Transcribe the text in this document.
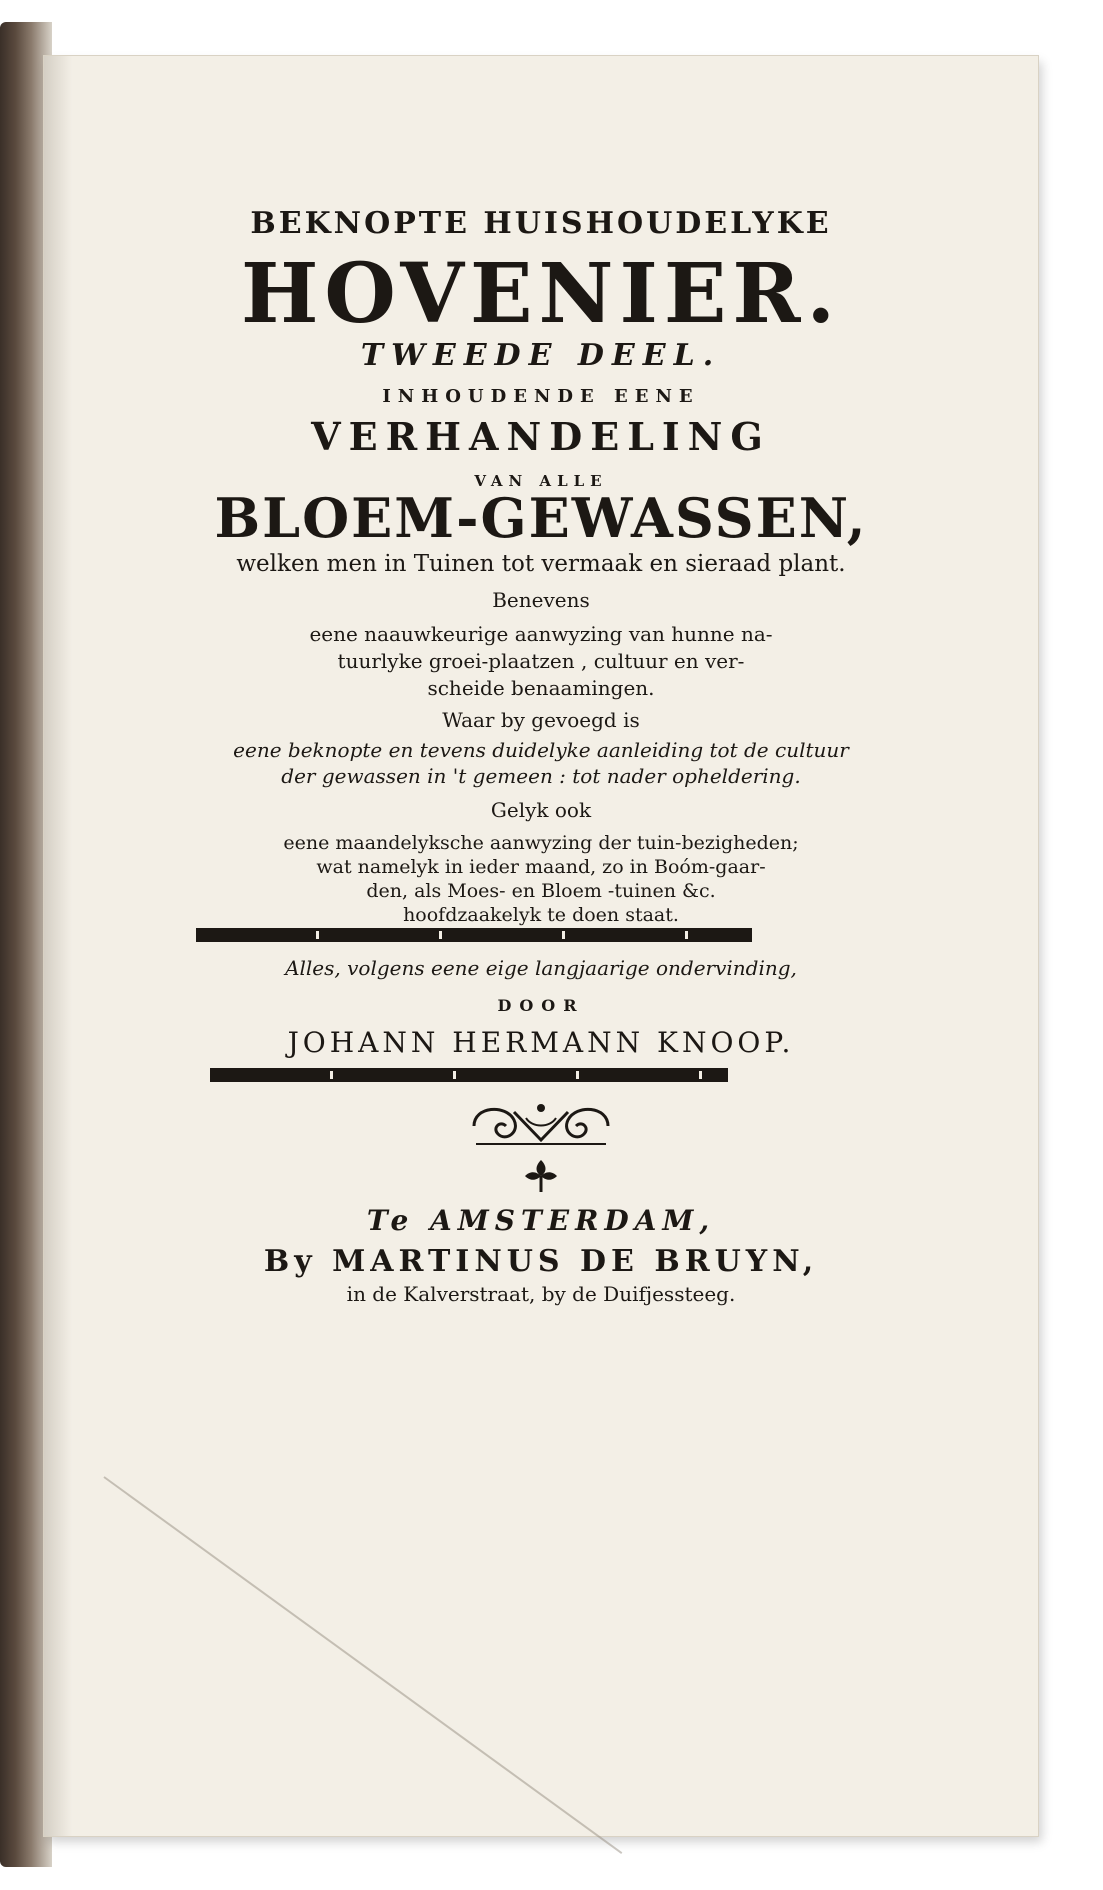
BEKNOPTE HUISHOUDELYKE
HOVENIER.
TWEEDE DEEL.
INHOUDENDE EENE
VERHANDELING
VAN ALLE
BLOEM-GEWASSEN,
welken men in Tuinen tot vermaak en sieraad plant.
Benevens
eene naauwkeurige aanwyzing van hunne na-
tuurlyke groei-plaatzen , cultuur en ver-
scheide benaamingen.
Waar by gevoegd is
eene beknopte en tevens duidelyke aanleiding tot de cultuur
der gewassen in 't gemeen : tot nader opheldering.
Gelyk ook
eene maandelyksche aanwyzing der tuin-bezigheden;
wat namelyk in ieder maand, zo in Boóm-gaar-
den, als Moes- en Bloem -tuinen &c.
hoofdzaakelyk te doen staat.
Alles, volgens eene eige langjaarige ondervinding,
DOOR
JOHANN HERMANN KNOOP.
Te AMSTERDAM,
By MARTINUS DE BRUYN,
in de Kalverstraat, by de Duifjessteeg.
